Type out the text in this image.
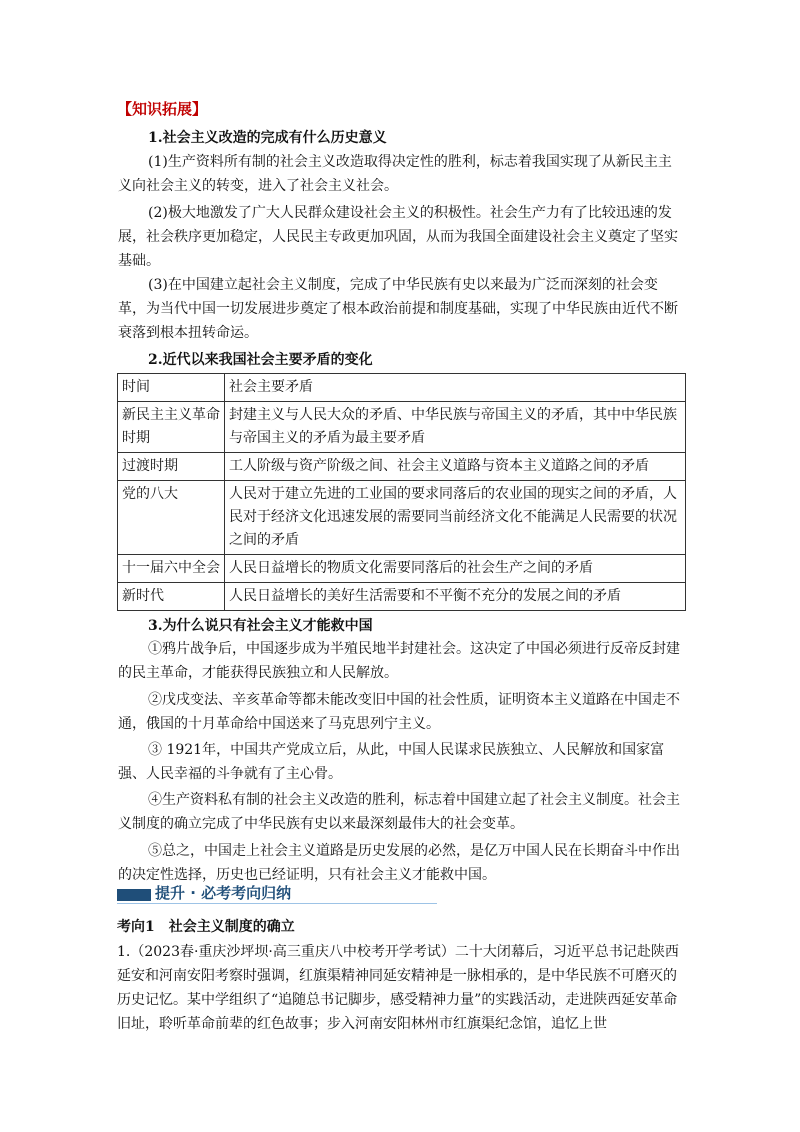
【知识拓展】
1.社会主义改造的完成有什么历史意义

(1)生产资料所有制的社会主义改造取得决定性的胜利，标志着我国实现了从新民主主义向社会主义的转变，进入了社会主义社会。

(2)极大地激发了广大人民群众建设社会主义的积极性。社会生产力有了比较迅速的发展，社会秩序更加稳定，人民民主专政更加巩固，从而为我国全面建设社会主义奠定了坚实基础。

(3)在中国建立起社会主义制度，完成了中华民族有史以来最为广泛而深刻的社会变革，为当代中国一切发展进步奠定了根本政治前提和制度基础，实现了中华民族由近代不断衰落到根本扭转命运。

2.近代以来我国社会主要矛盾的变化
时间	社会主要矛盾
新民主主义革命时期	封建主义与人民大众的矛盾、中华民族与帝国主义的矛盾，其中中华民族与帝国主义的矛盾为最主要矛盾
过渡时期	工人阶级与资产阶级之间、社会主义道路与资本主义道路之间的矛盾
党的八大	人民对于建立先进的工业国的要求同落后的农业国的现实之间的矛盾，人民对于经济文化迅速发展的需要同当前经济文化不能满足人民需要的状况之间的矛盾
十一届六中全会	人民日益增长的物质文化需要同落后的社会生产之间的矛盾
新时代	人民日益增长的美好生活需要和不平衡不充分的发展之间的矛盾
3.为什么说只有社会主义才能救中国

①鸦片战争后，中国逐步成为半殖民地半封建社会。这决定了中国必须进行反帝反封建的民主革命，才能获得民族独立和人民解放。

②戊戌变法、辛亥革命等都未能改变旧中国的社会性质，证明资本主义道路在中国走不通，俄国的十月革命给中国送来了马克思列宁主义。

③ 1921年，中国共产党成立后，从此，中国人民谋求民族独立、人民解放和国家富强、人民幸福的斗争就有了主心骨。

④生产资料私有制的社会主义改造的胜利，标志着中国建立起了社会主义制度。社会主义制度的确立完成了中华民族有史以来最深刻最伟大的社会变革。

⑤总之，中国走上社会主义道路是历史发展的必然，是亿万中国人民在长期奋斗中作出的决定性选择，历史也已经证明，只有社会主义才能救中国。

提升 · 必考考向归纳
考向1　社会主义制度的确立

1.（2023春·重庆沙坪坝·高三重庆八中校考开学考试）二十大闭幕后，习近平总书记赴陕西延安和河南安阳考察时强调，红旗渠精神同延安精神是一脉相承的，是中华民族不可磨灭的历史记忆。某中学组织了“追随总书记脚步，感受精神力量”的实践活动，走进陕西延安革命旧址，聆听革命前辈的红色故事；步入河南安阳林州市红旗渠纪念馆，追忆上世
